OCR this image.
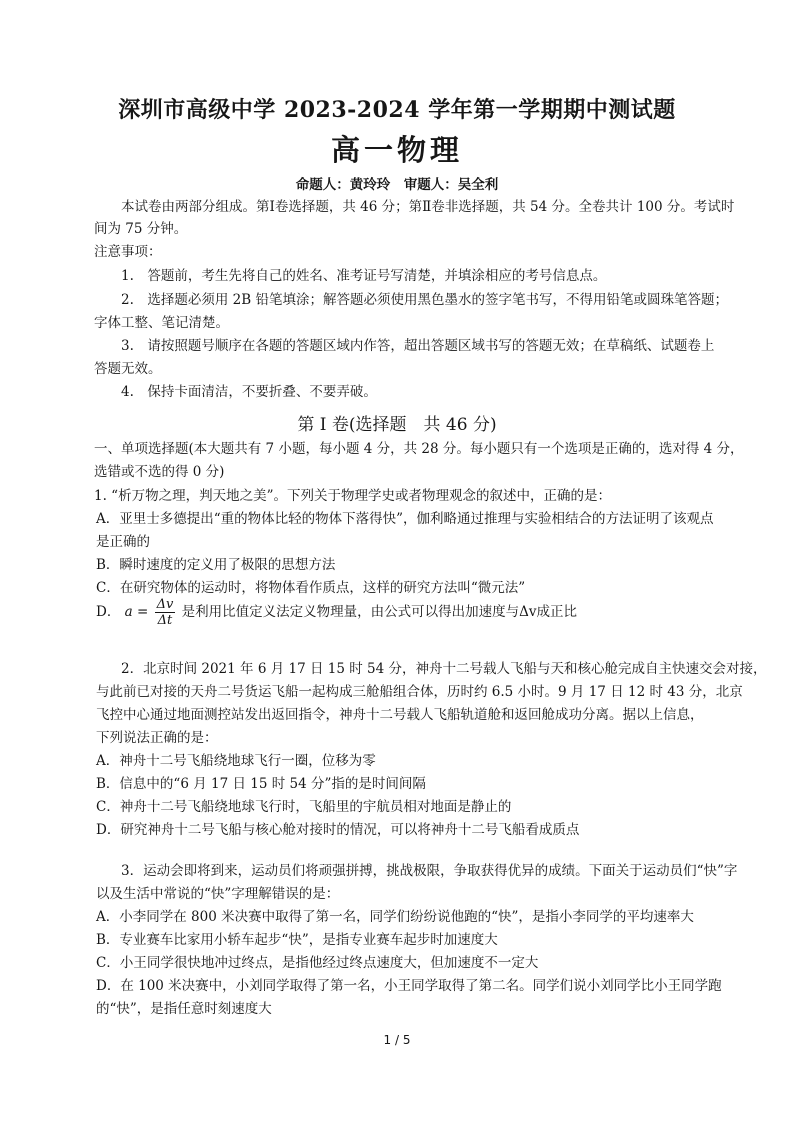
深圳市高级中学 2023-2024 学年第一学期期中测试题
高一物理
命题人：黄玲玲　审题人：吴全利
本试卷由两部分组成。第Ⅰ卷选择题，共 46 分；第Ⅱ卷非选择题，共 54 分。全卷共计 100 分。考试时
间为 75 分钟。
注意事项：
1.　答题前，考生先将自己的姓名、准考证号写清楚，并填涂相应的考号信息点。
2.　选择题必须用 2B 铅笔填涂；解答题必须使用黑色墨水的签字笔书写，不得用铅笔或圆珠笔答题；
字体工整、笔记清楚。
3.　请按照题号顺序在各题的答题区域内作答，超出答题区域书写的答题无效；在草稿纸、试题卷上
答题无效。
4.　保持卡面清洁，不要折叠、不要弄破。
第 Ⅰ 卷(选择题　共 46 分)
一、单项选择题(本大题共有 7 小题，每小题 4 分，共 28 分。每小题只有一个选项是正确的，选对得 4 分，
选错或不选的得 0 分)
1. “析万物之理，判天地之美”。下列关于物理学史或者物理观念的叙述中，正确的是：
A．亚里士多德提出“重的物体比轻的物体下落得快”，伽利略通过推理与实验相结合的方法证明了该观点
是正确的
B．瞬时速度的定义用了极限的思想方法
C．在研究物体的运动时，将物体看作质点，这样的研究方法叫“微元法”
D． $a = \frac{\Delta v}{\Delta t}$ 是利用比值定义法定义物理量，由公式可以得出加速度与Δv成正比
2．北京时间 2021 年 6 月 17 日 15 时 54 分，神舟十二号载人飞船与天和核心舱完成自主快速交会对接，
与此前已对接的天舟二号货运飞船一起构成三舱船组合体，历时约 6.5 小时。9 月 17 日 12 时 43 分，北京
飞控中心通过地面测控站发出返回指令，神舟十二号载人飞船轨道舱和返回舱成功分离。据以上信息，
下列说法正确的是：
A．神舟十二号飞船绕地球飞行一圈，位移为零
B．信息中的“6 月 17 日 15 时 54 分”指的是时间间隔
C．神舟十二号飞船绕地球飞行时，飞船里的宇航员相对地面是静止的
D．研究神舟十二号飞船与核心舱对接时的情况，可以将神舟十二号飞船看成质点
3．运动会即将到来，运动员们将顽强拼搏，挑战极限，争取获得优异的成绩。下面关于运动员们“快”字
以及生活中常说的“快”字理解错误的是：
A．小李同学在 800 米决赛中取得了第一名，同学们纷纷说他跑的“快”，是指小李同学的平均速率大
B．专业赛车比家用小轿车起步“快”，是指专业赛车起步时加速度大
C．小王同学很快地冲过终点，是指他经过终点速度大，但加速度不一定大
D．在 100 米决赛中，小刘同学取得了第一名，小王同学取得了第二名。同学们说小刘同学比小王同学跑
的“快”，是指任意时刻速度大
1 / 5
